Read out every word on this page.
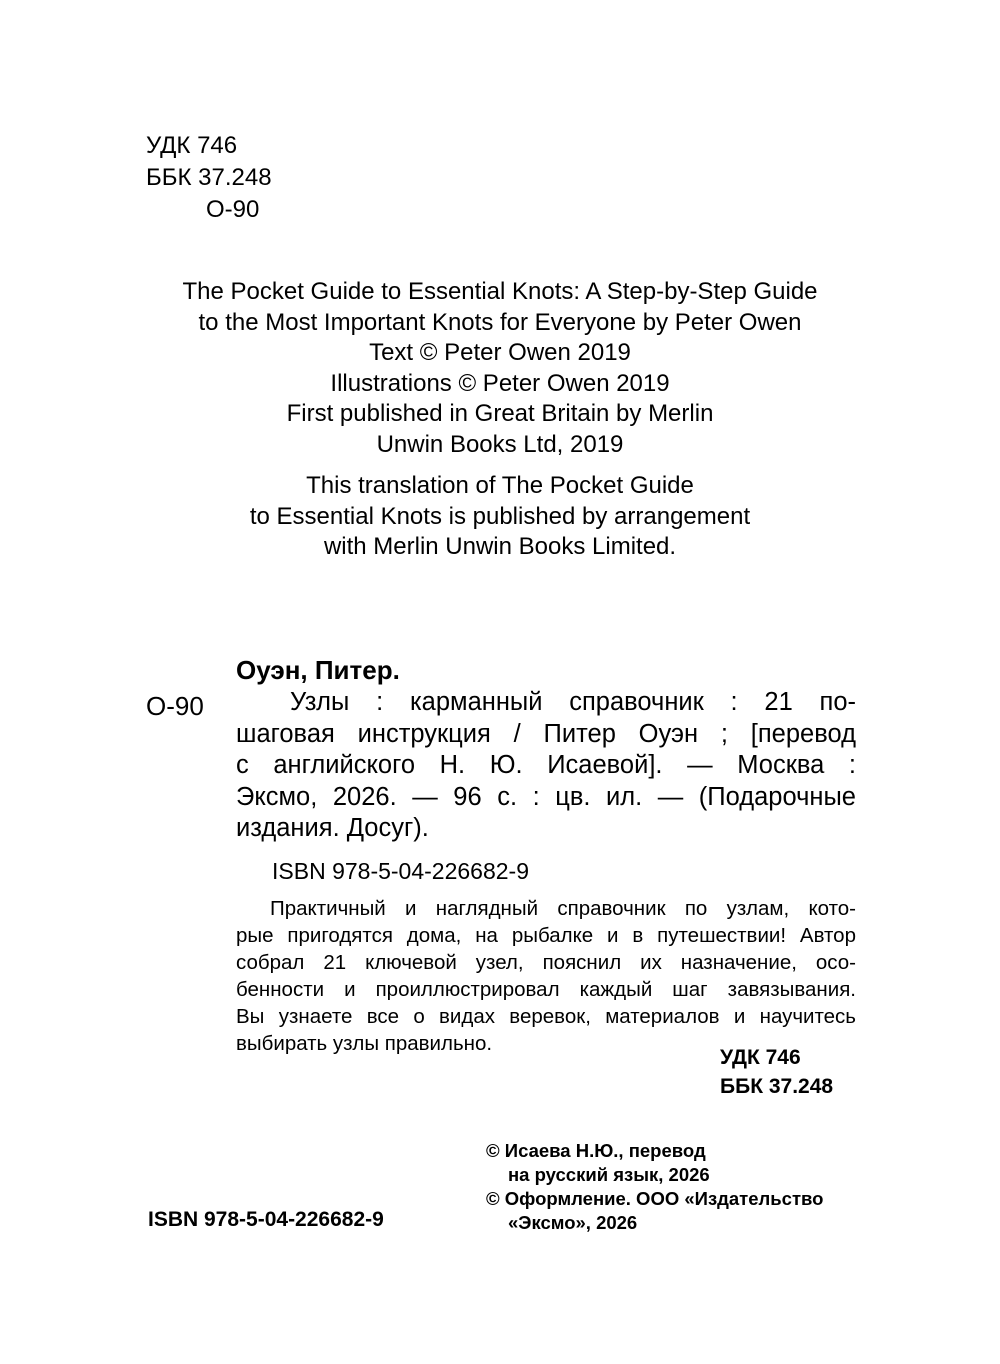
УДК 746
ББК 37.248
О-90
The Pocket Guide to Essential Knots: A Step-by-Step Guide
to the Most Important Knots for Everyone by Peter Owen
Text © Peter Owen 2019
Illustrations © Peter Owen 2019
First published in Great Britain by Merlin
Unwin Books Ltd, 2019
This translation of The Pocket Guide
to Essential Knots is published by arrangement
with Merlin Unwin Books Limited.
Оуэн, Питер.
О-90	Узлы : карманный справочник : 21 по-
шаговая инструкция / Питер Оуэн ; [перевод
с английского Н. Ю. Исаевой]. — Москва :
Эксмо, 2026. — 96 с. : цв. ил. — (Подарочные
издания. Досуг).
ISBN 978-5-04-226682-9
Практичный и наглядный справочник по узлам, кото-
рые пригодятся дома, на рыбалке и в путешествии! Автор
собрал 21 ключевой узел, пояснил их назначение, осо-
бенности и проиллюстрировал каждый шаг завязывания.
Вы узнаете все о видах веревок, материалов и научитесь
выбирать узлы правильно.
УДК 746
ББК 37.248
© Исаева Н.Ю., перевод
на русский язык, 2026
© Оформление. ООО «Издательство
«Эксмо», 2026
ISBN 978-5-04-226682-9
